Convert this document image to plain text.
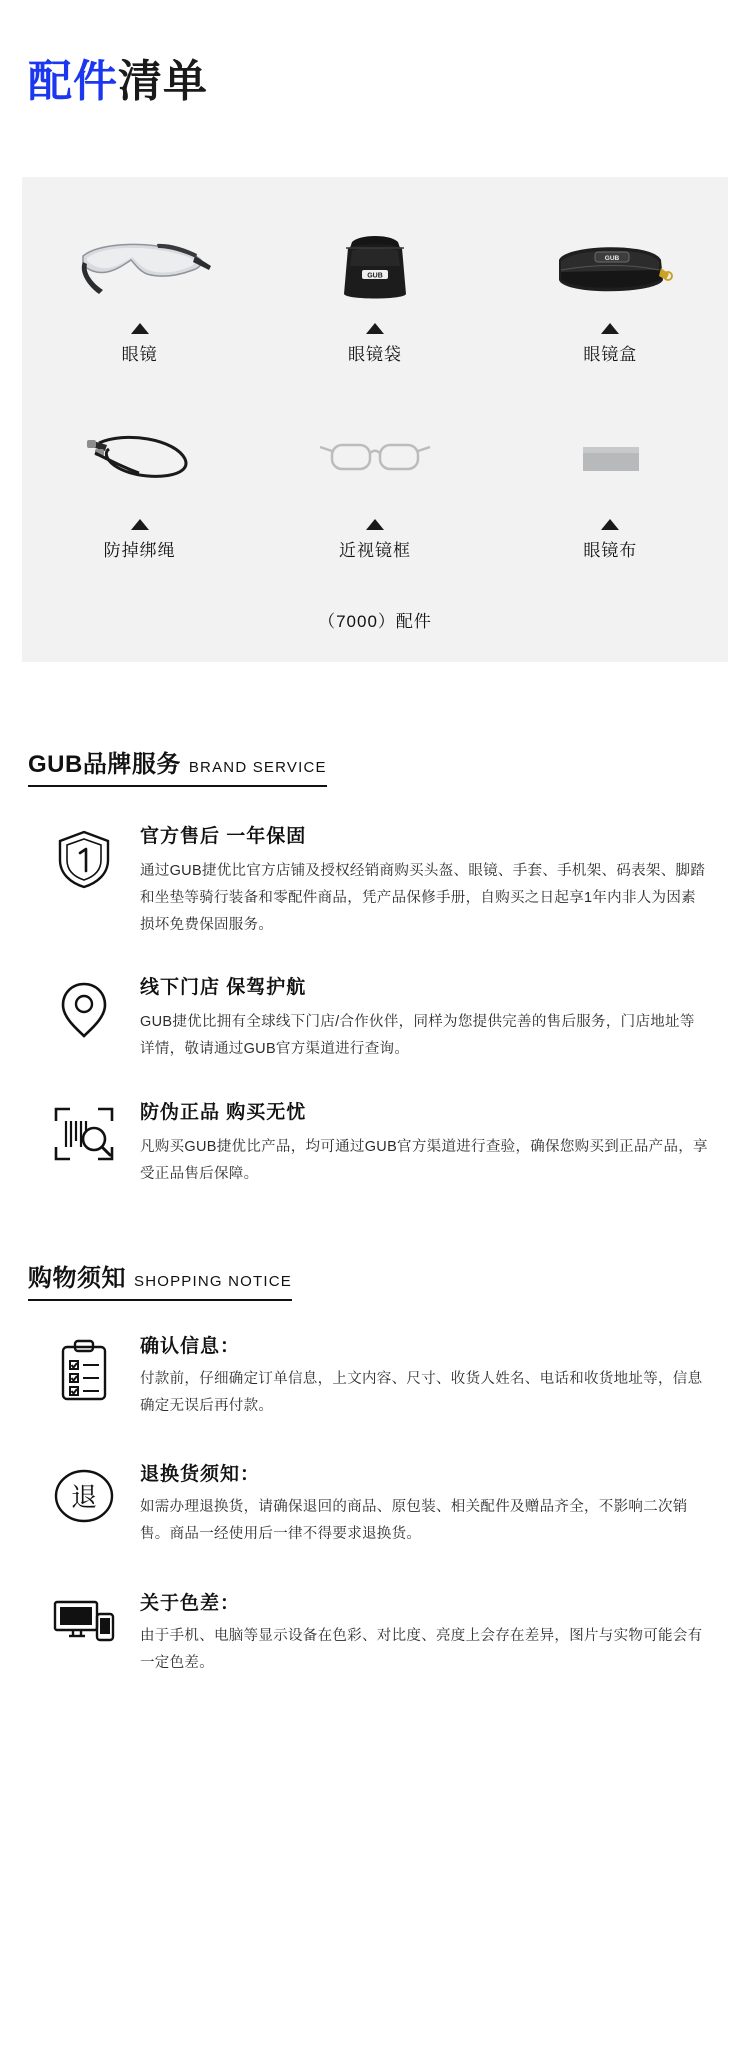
配件清单
眼镜
GUB
眼镜袋
GUB
眼镜盒
防掉绑绳	近视镜框	眼镜布
（7000）配件
GUB品牌服务 BRAND SERVICE
官方售后 一年保固
通过GUB捷优比官方店铺及授权经销商购买头盔、眼镜、手套、手机架、码表架、脚踏和坐垫等骑行装备和零配件商品，凭产品保修手册，自购买之日起享1年内非人为因素损坏免费保固服务。
线下门店 保驾护航
GUB捷优比拥有全球线下门店/合作伙伴，同样为您提供完善的售后服务，门店地址等详情，敬请通过GUB官方渠道进行查询。
防伪正品 购买无忧
凡购买GUB捷优比产品，均可通过GUB官方渠道进行查验，确保您购买到正品产品，享受正品售后保障。
购物须知 SHOPPING NOTICE
确认信息：
付款前，仔细确定订单信息，上文内容、尺寸、收货人姓名、电话和收货地址等，信息确定无误后再付款。
退
退换货须知：
如需办理退换货，请确保退回的商品、原包装、相关配件及赠品齐全，不影响二次销售。商品一经使用后一律不得要求退换货。
关于色差：
由于手机、电脑等显示设备在色彩、对比度、亮度上会存在差异，图片与实物可能会有一定色差。
